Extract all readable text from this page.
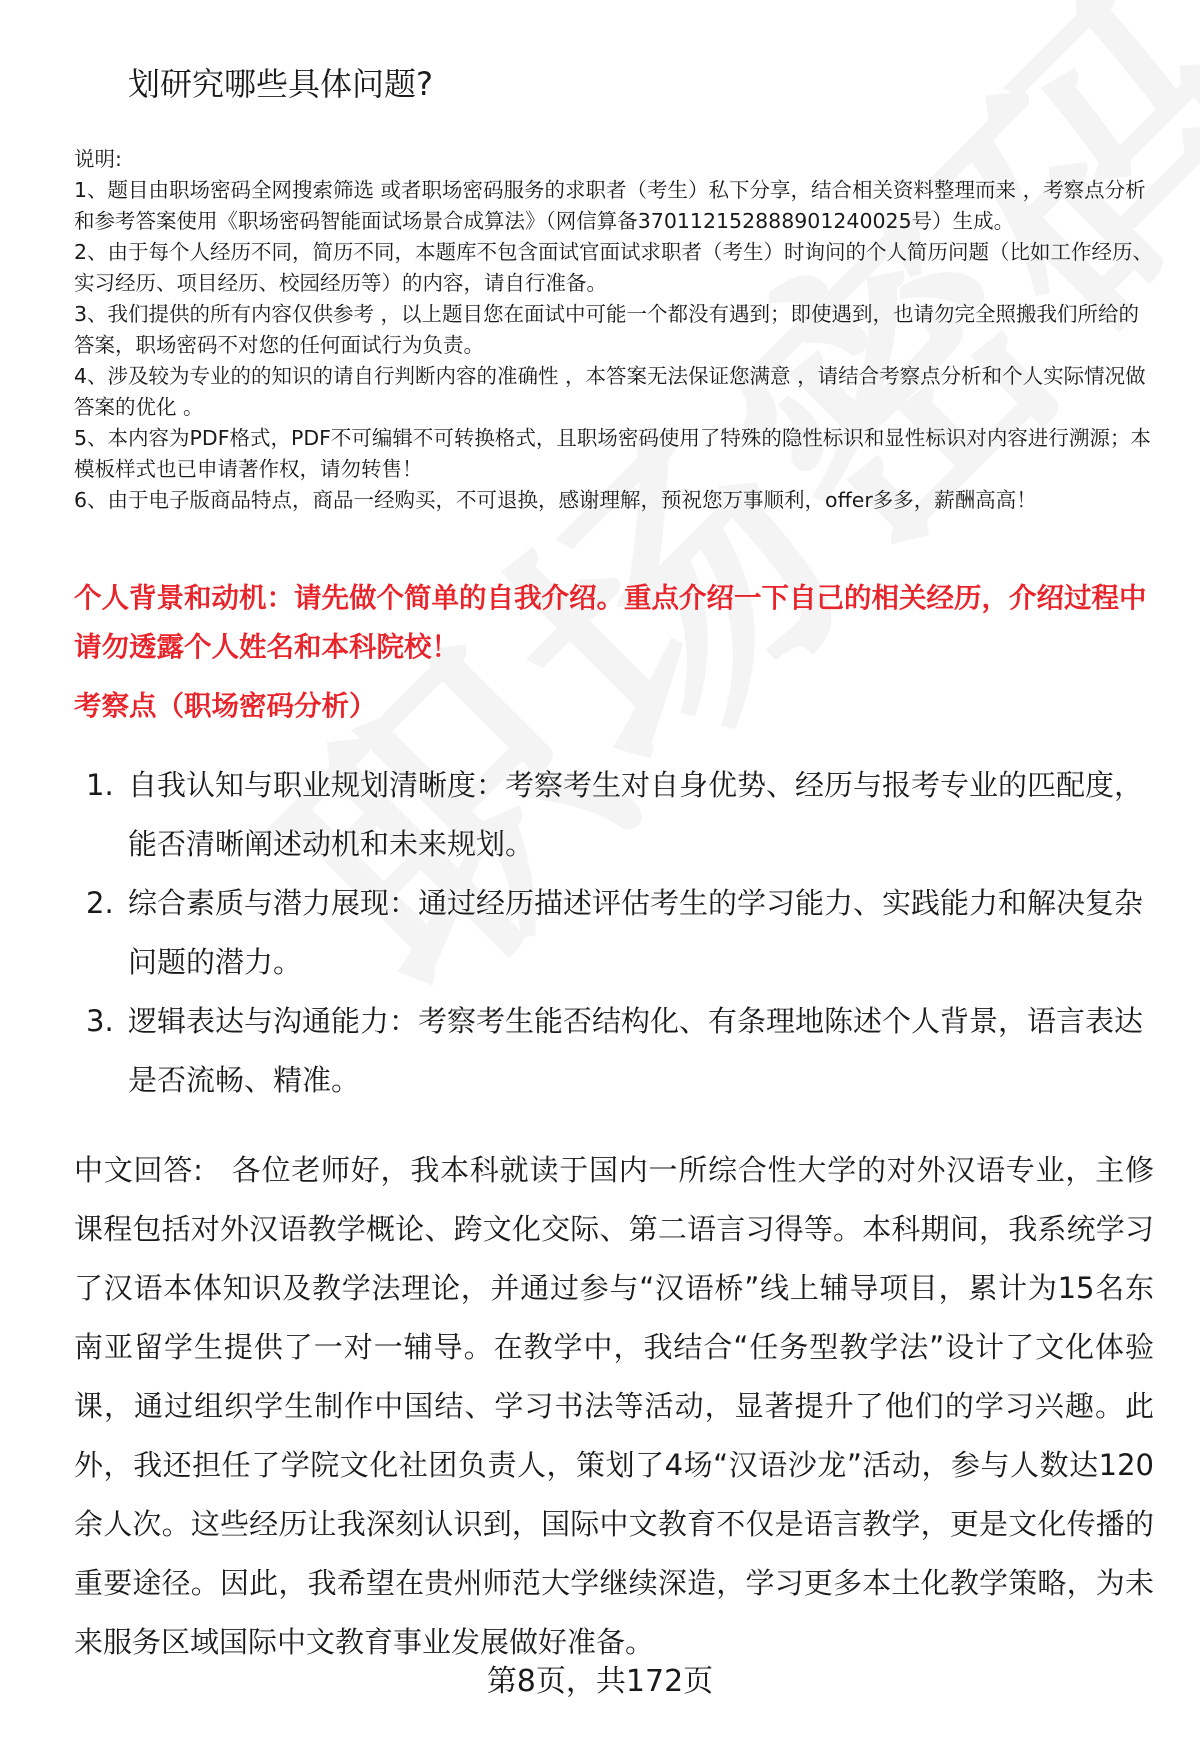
划研究哪些具体问题?
说明:
1、题目由职场密码全网搜索筛选 或者职场密码服务的求职者（考生）私下分享，结合相关资料整理而来 ，考察点分析和参考答案使用《职场密码智能面试场景合成算法》（网信算备370112152888901240025号）生成。
2、由于每个人经历不同，简历不同，本题库不包含面试官面试求职者（考生）时询问的个人简历问题（比如工作经历、实习经历、项目经历、校园经历等）的内容，请自行准备。
3、我们提供的所有内容仅供参考 ，以上题目您在面试中可能一个都没有遇到；即使遇到，也请勿完全照搬我们所给的答案，职场密码不对您的任何面试行为负责。
4、涉及较为专业的的知识的请自行判断内容的准确性 ，本答案无法保证您满意 ，请结合考察点分析和个人实际情况做答案的优化 。
5、本内容为PDF格式，PDF不可编辑不可转换格式，且职场密码使用了特殊的隐性标识和显性标识对内容进行溯源；本模板样式也已申请著作权，请勿转售！
6、由于电子版商品特点，商品一经购买，不可退换，感谢理解，预祝您万事顺利，offer多多，薪酬高高！
个人背景和动机：请先做个简单的自我介绍。重点介绍一下自己的相关经历，介绍过程中请勿透露个人姓名和本科院校！
考察点（职场密码分析）
1. 自我认知与职业规划清晰度：考察考生对自身优势、经历与报考专业的匹配度，能否清晰阐述动机和未来规划。
2. 综合素质与潜力展现：通过经历描述评估考生的学习能力、实践能力和解决复杂问题的潜力。
3. 逻辑表达与沟通能力：考察考生能否结构化、有条理地陈述个人背景，语言表达是否流畅、精准。
中文回答: 各位老师好，我本科就读于国内一所综合性大学的对外汉语专业，主修课程包括对外汉语教学概论、跨文化交际、第二语言习得等。本科期间，我系统学习了汉语本体知识及教学法理论，并通过参与“汉语桥”线上辅导项目，累计为15名东南亚留学生提供了一对一辅导。在教学中，我结合“任务型教学法”设计了文化体验课，通过组织学生制作中国结、学习书法等活动，显著提升了他们的学习兴趣。此外，我还担任了学院文化社团负责人，策划了4场“汉语沙龙”活动，参与人数达120余人次。这些经历让我深刻认识到，国际中文教育不仅是语言教学，更是文化传播的重要途径。因此，我希望在贵州师范大学继续深造，学习更多本土化教学策略，为未来服务区域国际中文教育事业发展做好准备。
第8页，共172页
